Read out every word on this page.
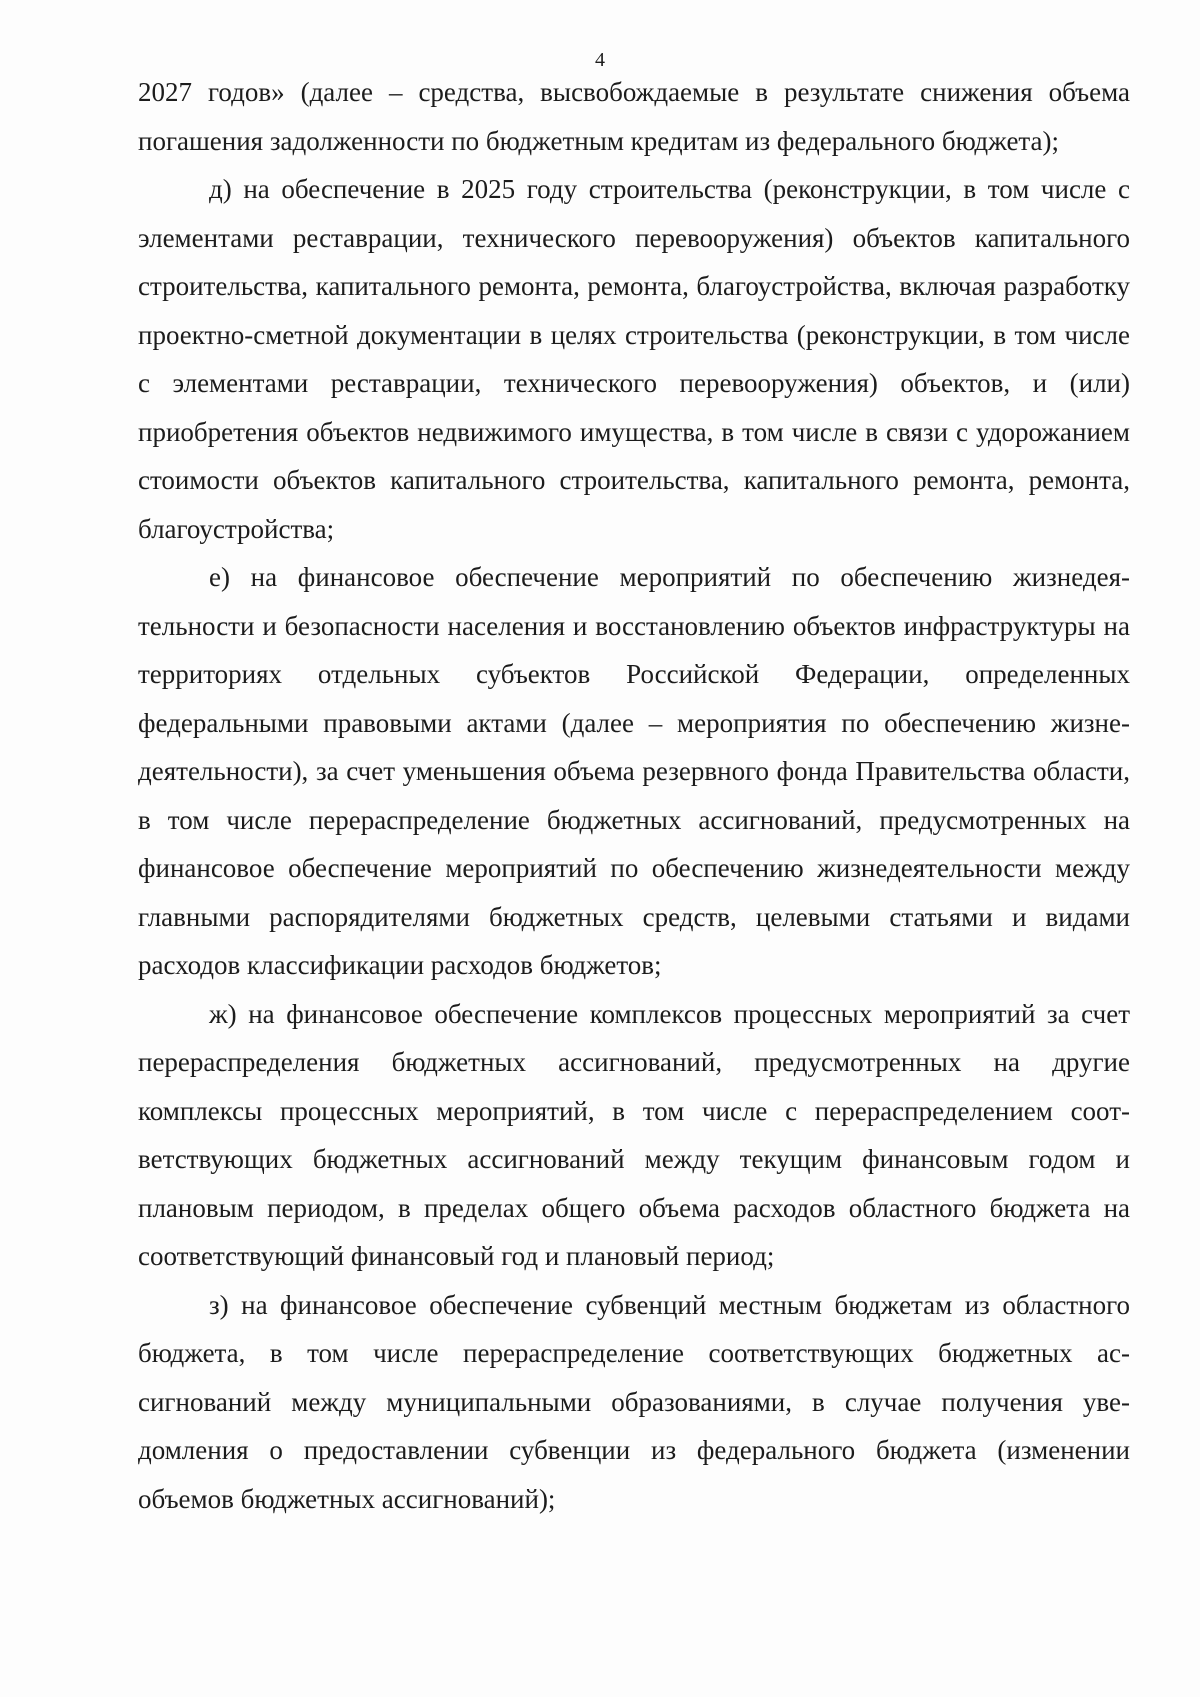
4

2027 годов» (далее – средства, высвобождаемые в результате снижения объема погашения задолженности по бюджетным кредитам из федерального бюджета);

д) на обеспечение в 2025 году строительства (реконструкции, в том числе с элементами реставрации, технического перевооружения) объектов капитального строительства, капитального ремонта, ремонта, благоустройства, включая разработку проектно-сметной документации в целях строительства (реконструкции, в том числе с элементами реставрации, технического перевооружения) объектов, и (или) приобретения объектов недвижимого имущества, в том числе в связи с удорожанием стоимости объектов капитального строительства, капитального ремонта, ремонта, благоустройства;

е) на финансовое обеспечение мероприятий по обеспечению жизнедеятельности и безопасности населения и восстановлению объектов инфраструктуры на территориях отдельных субъектов Российской Федерации, определенных федеральными правовыми актами (далее – мероприятия по обеспечению жизнедеятельности), за счет уменьшения объема резервного фонда Правительства области, в том числе перераспределение бюджетных ассигнований, предусмотренных на финансовое обеспечение мероприятий по обеспечению жизнедеятельности между главными распорядителями бюджетных средств, целевыми статьями и видами расходов классификации расходов бюджетов;

ж) на финансовое обеспечение комплексов процессных мероприятий за счет перераспределения бюджетных ассигнований, предусмотренных на другие комплексы процессных мероприятий, в том числе с перераспределением соответствующих бюджетных ассигнований между текущим финансовым годом и плановым периодом, в пределах общего объема расходов областного бюджета на соответствующий финансовый год и плановый период;

з) на финансовое обеспечение субвенций местным бюджетам из областного бюджета, в том числе перераспределение соответствующих бюджетных ассигнований между муниципальными образованиями, в случае получения уведомления о предоставлении субвенции из федерального бюджета (изменении объемов бюджетных ассигнований);
